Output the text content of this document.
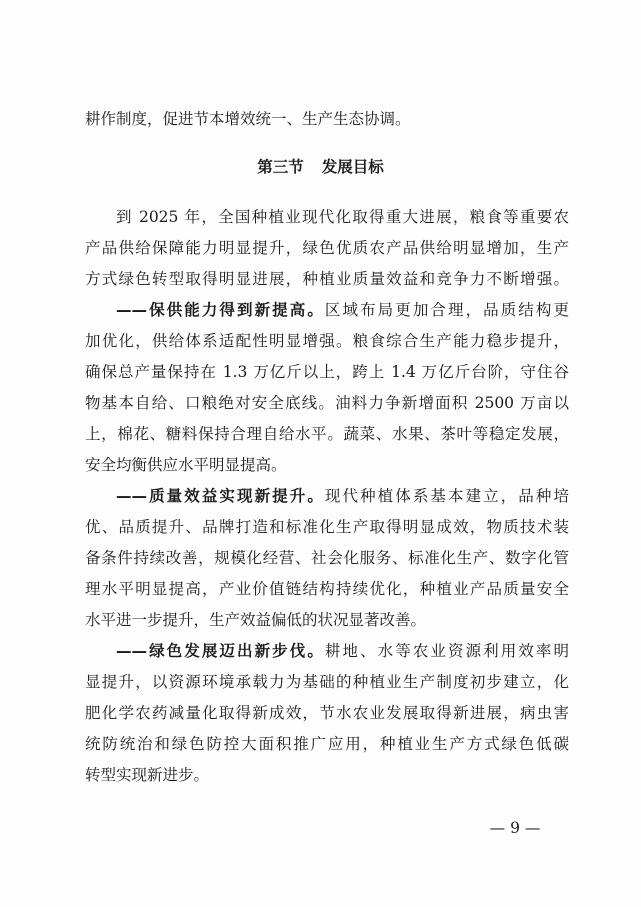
耕作制度，促进节本增效统一、生产生态协调。
第三节 发展目标
到 2025 年，全国种植业现代化取得重大进展，粮食等重要农
产品供给保障能力明显提升，绿色优质农产品供给明显增加，生产
方式绿色转型取得明显进展，种植业质量效益和竞争力不断增强。
——保供能力得到新提高。区域布局更加合理，品质结构更
加优化，供给体系适配性明显增强。粮食综合生产能力稳步提升，
确保总产量保持在 1.3 万亿斤以上，跨上 1.4 万亿斤台阶，守住谷
物基本自给、口粮绝对安全底线。油料力争新增面积 2500 万亩以
上，棉花、糖料保持合理自给水平。蔬菜、水果、茶叶等稳定发展，
安全均衡供应水平明显提高。
——质量效益实现新提升。现代种植体系基本建立，品种培
优、品质提升、品牌打造和标准化生产取得明显成效，物质技术装
备条件持续改善，规模化经营、社会化服务、标准化生产、数字化管
理水平明显提高，产业价值链结构持续优化，种植业产品质量安全
水平进一步提升，生产效益偏低的状况显著改善。
——绿色发展迈出新步伐。耕地、水等农业资源利用效率明
显提升，以资源环境承载力为基础的种植业生产制度初步建立，化
肥化学农药减量化取得新成效，节水农业发展取得新进展，病虫害
统防统治和绿色防控大面积推广应用，种植业生产方式绿色低碳
转型实现新进步。
— 9 —
